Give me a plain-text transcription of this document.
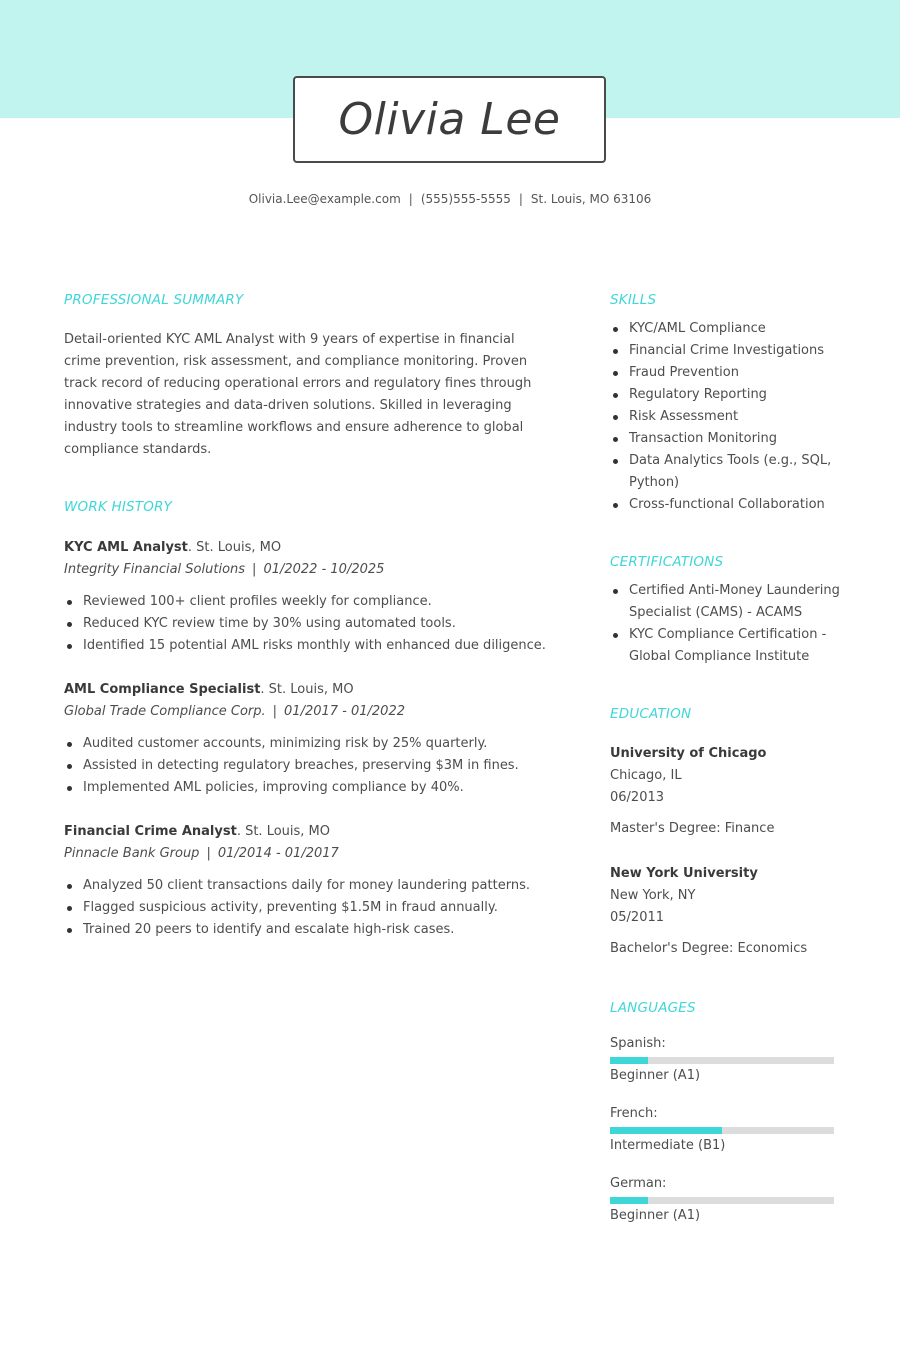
Olivia Lee
Olivia.Lee@example.com | (555)555-5555 | St. Louis, MO 63106
PROFESSIONAL SUMMARY
Detail-oriented KYC AML Analyst with 9 years of expertise in financial crime prevention, risk assessment, and compliance monitoring. Proven track record of reducing operational errors and regulatory fines through innovative strategies and data-driven solutions. Skilled in leveraging industry tools to streamline workflows and ensure adherence to global compliance standards.
WORK HISTORY
KYC AML Analyst. St. Louis, MO
Integrity Financial Solutions | 01/2022 - 10/2025
Reviewed 100+ client profiles weekly for compliance.
Reduced KYC review time by 30% using automated tools.
Identified 15 potential AML risks monthly with enhanced due diligence.
AML Compliance Specialist. St. Louis, MO
Global Trade Compliance Corp. | 01/2017 - 01/2022
Audited customer accounts, minimizing risk by 25% quarterly.
Assisted in detecting regulatory breaches, preserving $3M in fines.
Implemented AML policies, improving compliance by 40%.
Financial Crime Analyst. St. Louis, MO
Pinnacle Bank Group | 01/2014 - 01/2017
Analyzed 50 client transactions daily for money laundering patterns.
Flagged suspicious activity, preventing $1.5M in fraud annually.
Trained 20 peers to identify and escalate high-risk cases.
SKILLS
KYC/AML Compliance
Financial Crime Investigations
Fraud Prevention
Regulatory Reporting
Risk Assessment
Transaction Monitoring
Data Analytics Tools (e.g., SQL, Python)
Cross-functional Collaboration
CERTIFICATIONS
Certified Anti-Money Laundering Specialist (CAMS) - ACAMS
KYC Compliance Certification - Global Compliance Institute
EDUCATION
University of Chicago
Chicago, IL
06/2013
Master's Degree: Finance
New York University
New York, NY
05/2011
Bachelor's Degree: Economics
LANGUAGES
Spanish:
Beginner (A1)
French:
Intermediate (B1)
German:
Beginner (A1)
